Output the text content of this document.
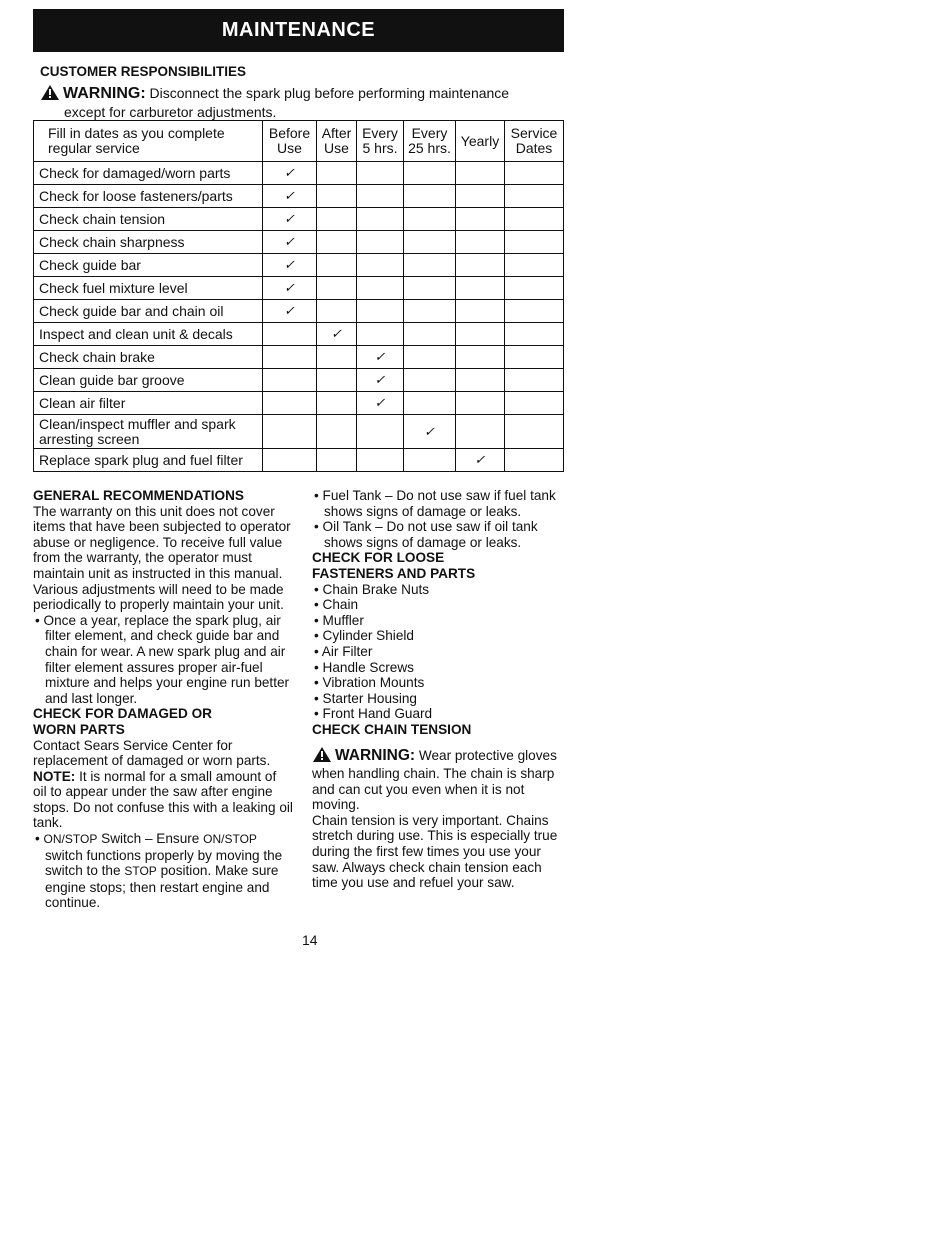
MAINTENANCE
CUSTOMER RESPONSIBILITIES
WARNING: Disconnect the spark plug before performing maintenance
except for carburetor adjustments.
Fill in dates as you complete regular service	Before Use	After Use	Every 5 hrs.	Every 25 hrs.	Yearly	Service Dates
Check for damaged/worn parts	✓					
Check for loose fasteners/parts	✓					
Check chain tension	✓					
Check chain sharpness	✓					
Check guide bar	✓					
Check fuel mixture level	✓					
Check guide bar and chain oil	✓					
Inspect and clean unit & decals		✓				
Check chain brake			✓			
Clean guide bar groove			✓			
Clean air filter			✓			
Clean/inspect muffler and spark arresting screen				✓		
Replace spark plug and fuel filter					✓	

GENERAL RECOMMENDATIONS

The warranty on this unit does not cover items that have been subjected to operator abuse or negligence. To receive full value from the warranty, the operator must maintain unit as instructed in this manual. Various adjustments will need to be made periodically to properly maintain your unit.

• Once a year, replace the spark plug, air filter element, and check guide bar and chain for wear. A new spark plug and air filter element assures proper air-fuel mixture and helps your engine run better and last longer.

CHECK FOR DAMAGED OR

WORN PARTS

Contact Sears Service Center for replacement of damaged or worn parts.

NOTE: It is normal for a small amount of oil to appear under the saw after engine stops. Do not confuse this with a leaking oil tank.

• ON/STOP Switch – Ensure ON/STOP switch functions properly by moving the switch to the STOP position. Make sure engine stops; then restart engine and continue.

• Fuel Tank – Do not use saw if fuel tank shows signs of damage or leaks.

• Oil Tank – Do not use saw if oil tank shows signs of damage or leaks.

CHECK FOR LOOSE

FASTENERS AND PARTS

• Chain Brake Nuts

• Chain

• Muffler

• Cylinder Shield

• Air Filter

• Handle Screws

• Vibration Mounts

• Starter Housing

• Front Hand Guard

CHECK CHAIN TENSION

WARNING: Wear protective gloves when handling chain. The chain is sharp and can cut you even when it is not moving.

Chain tension is very important. Chains stretch during use. This is especially true during the first few times you use your saw. Always check chain tension each time you use and refuel your saw.

14
